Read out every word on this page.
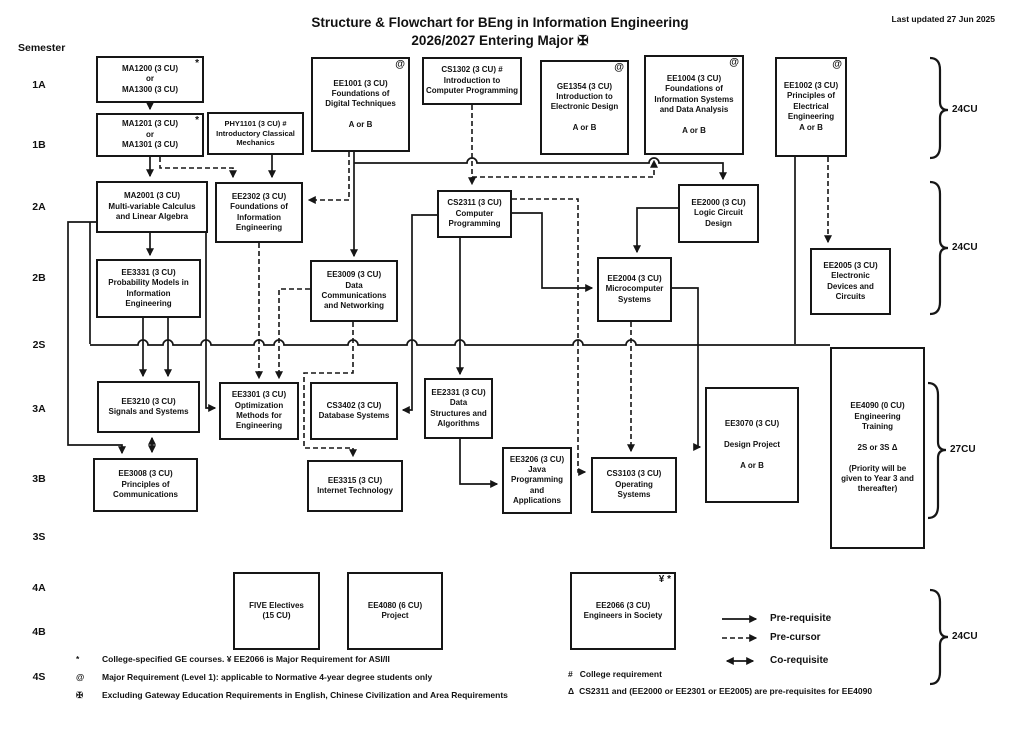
Structure & Flowchart for BEng in Information Engineering
2026/2027 Entering Major ✠
Last updated 27 Jun 2025
Semester
1A
1B
2A
2B
2S
3A
3B
3S
4A
4B
4S
*
MA1200 (3 CU)
or
MA1300 (3 CU)
*
MA1201 (3 CU)
or
MA1301 (3 CU)
PHY1101 (3 CU) #
Introductory Classical
Mechanics
@
EE1001 (3 CU)
Foundations of
Digital Techniques

A or B
CS1302 (3 CU) #
Introduction to
Computer Programming
@
GE1354 (3 CU)
Introduction to
Electronic Design

A or B
@
EE1004 (3 CU)
Foundations of
Information Systems
and Data Analysis

A or B
@
EE1002 (3 CU)
Principles of
Electrical
Engineering
A or B
MA2001 (3 CU)
Multi-variable Calculus
and Linear Algebra
EE2302 (3 CU)
Foundations of
Information
Engineering
CS2311 (3 CU)
Computer
Programming
EE2000 (3 CU)
Logic Circuit
Design
EE3331 (3 CU)
Probability Models in
Information
Engineering
EE3009 (3 CU)
Data
Communications
and Networking
EE2004 (3 CU)
Microcomputer
Systems
EE2005 (3 CU)
Electronic
Devices and
Circuits
EE3210 (3 CU)
Signals and Systems
EE3301 (3 CU)
Optimization
Methods for
Engineering
CS3402 (3 CU)
Database Systems
EE2331 (3 CU)
Data
Structures and
Algorithms	EE3070 (3 CU)

Design Project

A or B
EE4090 (0 CU)
Engineering
Training

2S or 3S Δ

(Priority will be
given to Year 3 and
thereafter)
EE3008 (3 CU)
Principles of
Communications
EE3315 (3 CU)
Internet Technology
EE3206 (3 CU)
Java
Programming
and
Applications
CS3103 (3 CU)
Operating
Systems
FIVE Electives
(15 CU)
EE4080 (6 CU)
Project
¥ *
EE2066 (3 CU)
Engineers in Society
24CU
24CU
27CU
24CU
Pre-requisite
Pre-cursor
Co-requisite
*	College-specified GE courses. ¥ EE2066 is Major Requirement for ASI/II
@ Major Requirement (Level 1): applicable to Normative 4-year degree students only
✠ Excluding Gateway Education Requirements in English, Chinese Civilization and Area Requirements
# College requirement
Δ CS2311 and (EE2000 or EE2301 or EE2005) are pre-requisites for EE4090
